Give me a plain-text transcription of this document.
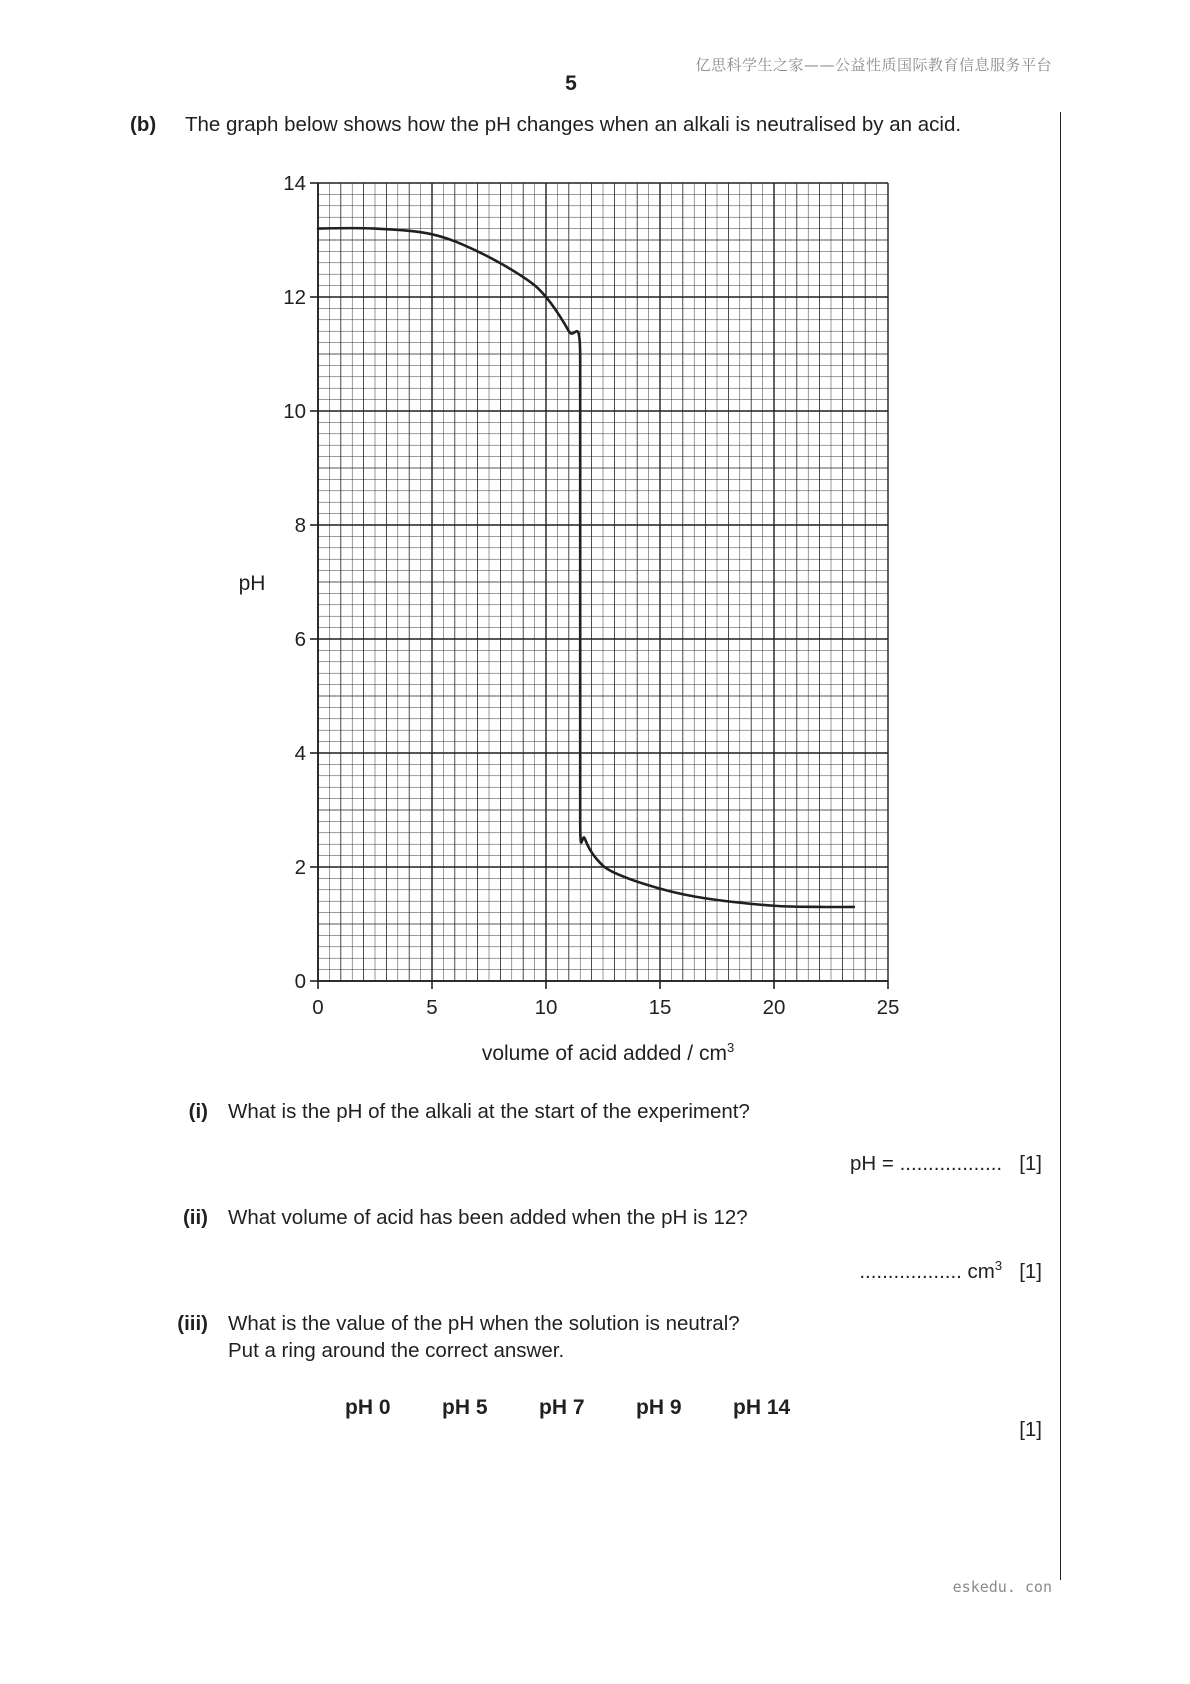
亿思科学生之家——公益性质国际教育信息服务平台
5
(b)	The graph below shows how the pH changes when an alkali is neutralised by an acid.
0	5	10	15	20	25
0
2
4
6
8
10
12
14
pH
volume of acid added / $cm^3$
(i) What is the pH of the alkali at the start of the experiment?
pH = .................. [1]
(ii) What volume of acid has been added when the pH is 12?
.................. $cm^3$ [1]
(iii) What is the value of the pH when the solution is neutral?
Put a ring around the correct answer.
pH 0	pH 5	pH 7	pH 9	pH 14
[1]
eskedu. con
